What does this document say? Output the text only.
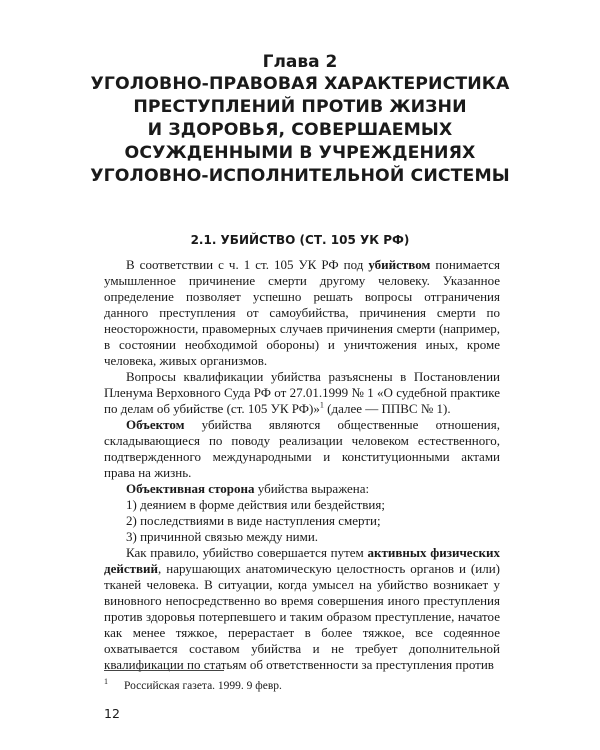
Глава 2
УГОЛОВНО-ПРАВОВАЯ ХАРАКТЕРИСТИКА
ПРЕСТУПЛЕНИЙ ПРОТИВ ЖИЗНИ
И ЗДОРОВЬЯ, СОВЕРШАЕМЫХ
ОСУЖДЕННЫМИ В УЧРЕЖДЕНИЯХ
УГОЛОВНО-ИСПОЛНИТЕЛЬНОЙ СИСТЕМЫ
2.1. УБИЙСТВО (СТ. 105 УК РФ)

В соответствии с ч. 1 ст. 105 УК РФ под убийством понимается умышленное причинение смерти другому человеку. Указанное определение позволяет успешно решать вопросы отграничения данного преступления от самоубийства, причинения смерти по неосторожности, правомерных случаев причинения смерти (например, в состоянии необходимой обороны) и уничтожения иных, кроме человека, живых организмов.

Вопросы квалификации убийства разъяснены в Постановлении Пленума Верховного Суда РФ от 27.01.1999 № 1 «О судебной практике по делам об убийстве (ст. 105 УК РФ)»$^1$ (далее — ППВС № 1).

Объектом убийства являются общественные отношения, складывающиеся по поводу реализации человеком естественного, подтвержденного международными и конституционными актами права на жизнь.

Объективная сторона убийства выражена:

1) деянием в форме действия или бездействия;

2) последствиями в виде наступления смерти;

3) причинной связью между ними.

Как правило, убийство совершается путем активных физических действий, нарушающих анатомическую целостность органов и (или) тканей человека. В ситуации, когда умысел на убийство возникает у виновного непосредственно во время совершения иного преступления против здоровья потерпевшего и таким образом преступление, начатое как менее тяжкое, перерастает в более тяжкое, все содеянное охватывается составом убийства и не требует дополнительной квалификации по статьям об ответственности за преступления против

$^1$ Российская газета. 1999. 9 февр.
12
